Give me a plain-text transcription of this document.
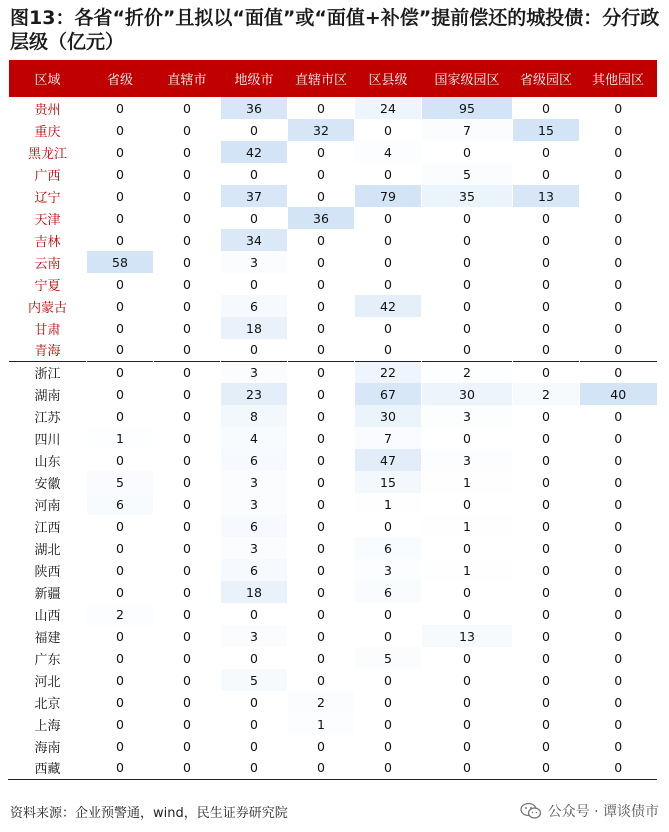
图13：各省“折价”且拟以“面值”或“面值+补偿”提前偿还的城投债：分行政层级（亿元）
区域	省级	直辖市	地级市	直辖市区	区县级	国家级园区	省级园区	其他园区
贵州	0	0	36	0	24	95	0	0
重庆	0	0	0	32	0	7	15	0
黑龙江	0	0	42	0	4	0	0	0
广西	0	0	0	0	0	5	0	0
辽宁	0	0	37	0	79	35	13	0
天津	0	0	0	36	0	0	0	0
吉林	0	0	34	0	0	0	0	0
云南	58	0	3	0	0	0	0	0
宁夏	0	0	0	0	0	0	0	0
内蒙古	0	0	6	0	42	0	0	0
甘肃	0	0	18	0	0	0	0	0
青海	0	0	0	0	0	0	0	0
浙江	0	0	3	0	22	2	0	0
湖南	0	0	23	0	67	30	2	40
江苏	0	0	8	0	30	3	0	0
四川	1	0	4	0	7	0	0	0
山东	0	0	6	0	47	3	0	0
安徽	5	0	3	0	15	1	0	0
河南	6	0	3	0	1	0	0	0
江西	0	0	6	0	0	1	0	0
湖北	0	0	3	0	6	0	0	0
陕西	0	0	6	0	3	1	0	0
新疆	0	0	18	0	6	0	0	0
山西	2	0	0	0	0	0	0	0
福建	0	0	3	0	0	13	0	0
广东	0	0	0	0	5	0	0	0
河北	0	0	5	0	0	0	0	0
北京	0	0	0	2	0	0	0	0
上海	0	0	0	1	0	0	0	0
海南	0	0	0	0	0	0	0	0
西藏	0	0	0	0	0	0	0	0
资料来源：企业预警通，wind，民生证券研究院	公众号 · 谭谈债市
